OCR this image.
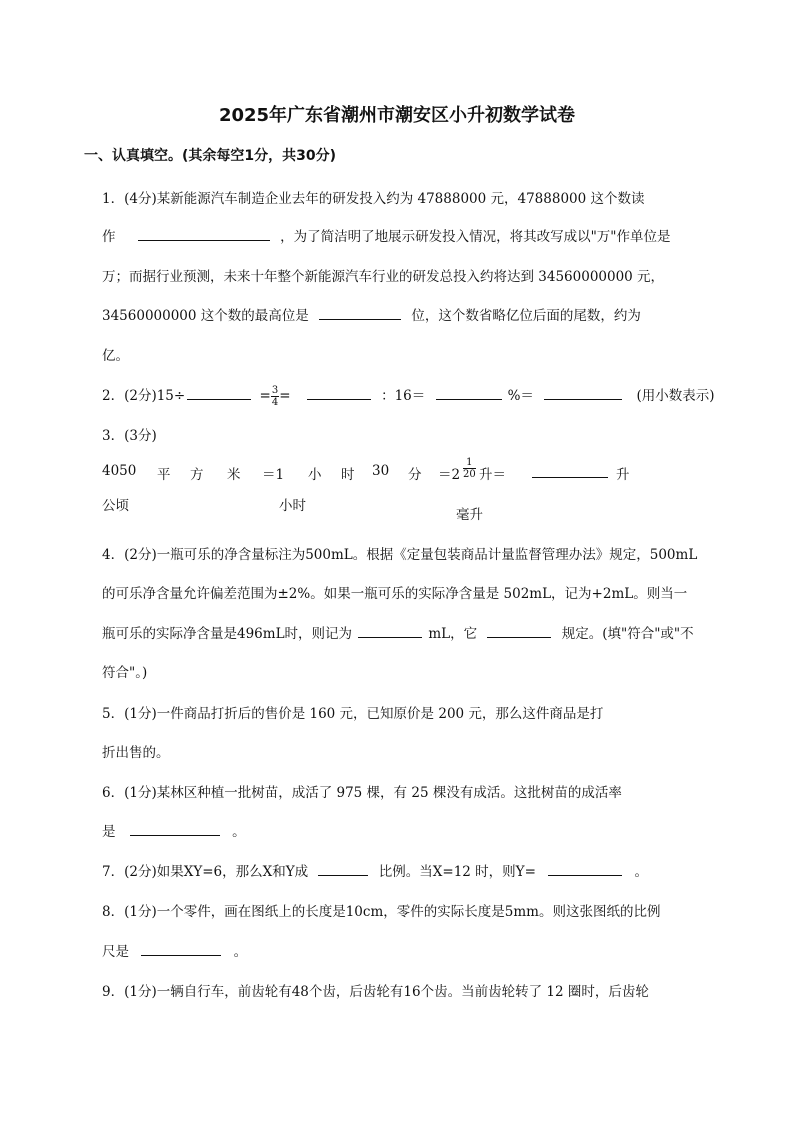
2025年广东省潮州市潮安区小升初数学试卷
一、认真填空。(其余每空1分，共30分)
1．(4分)某新能源汽车制造企业去年的研发投入约为 47888000 元，47888000 这个数读
作	，为了简洁明了地展示研发投入情况，将其改写成以"万"作单位是
万；而据行业预测，未来十年整个新能源汽车行业的研发总投入约将达到 34560000000 元，
34560000000 这个数的最高位是	位，这个数省略亿位后面的尾数，约为
亿。
2．(2分)15÷	= $\frac{3}{4}$ =	：16＝	%＝	(用小数表示)
3．(3分)
4050 平 方 米 ＝1 小 时 30 分 $=2 \frac{1}{20}$ 升＝	升
公顷	小时
毫升
4．(2分)一瓶可乐的净含量标注为500mL。根据《定量包装商品计量监督管理办法》规定，500mL
的可乐净含量允许偏差范围为±2%。如果一瓶可乐的实际净含量是 502mL，记为+2mL。则当一
瓶可乐的实际净含量是496mL时，则记为	mL，它	规定。(填"符合"或"不
符合"。)
5．(1分)一件商品打折后的售价是 160 元，已知原价是 200 元，那么这件商品是打
折出售的。
6．(1分)某林区种植一批树苗，成活了 975 棵，有 25 棵没有成活。这批树苗的成活率
是	。
7．(2分)如果XY=6，那么X和Y成	比例。当X=12 时，则Y=	。
8．(1分)一个零件，画在图纸上的长度是10cm，零件的实际长度是5mm。则这张图纸的比例
尺是	。
9．(1分)一辆自行车，前齿轮有48个齿，后齿轮有16个齿。当前齿轮转了 12 圈时，后齿轮
